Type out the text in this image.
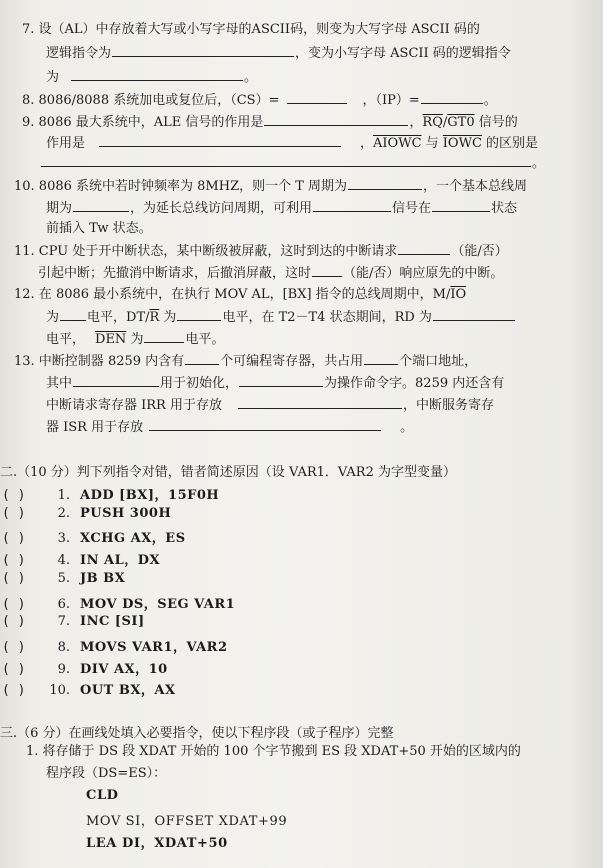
7. 设（AL）中存放着大写或小写字母的ASCII码，则变为大写字母 ASCII 码的
逻辑指令为	，变为小写字母 ASCII 码的逻辑指令
为	。
8. 8086/8088 系统加电或复位后，（CS）=	，（IP）=	。
9. 8086 最大系统中，ALE 信号的作用是	，$\overline{RQ}/GT0$ 信号的
作用是	，AIOWC 与 IOWC 的区别是
。
10. 8086 系统中若时钟频率为 8MHZ，则一个 T 周期为	，一个基本总线周
期为	，为延长总线访问周期，可利用	信号在	状态
前插入 Tw 状态。
11. CPU 处于开中断状态，某中断级被屏蔽，这时到达的中断请求	（能/否）
引起中断；先撤消中断请求，后撤消屏蔽，这时 （能/否）响应原先的中断。
12. 在 8086 最小系统中，在执行 MOV AL，[BX] 指令的总线周期中，$M/\overline{IO}$
为 电平，$DT/\overline{R}$ 为	电平，在 T2－T4 状态期间，RD 为
电平， $\overline{DEN}$ 为	电平。
13. 中断控制器 8259 内含有	个可编程寄存器，共占用	个端口地址，
其中	用于初始化，	为操作命令字。8259 内还含有
中断请求寄存器 IRR 用于存放	，中断服务寄存
器 ISR 用于存放	。
二.（10 分）判下列指令对错，错者简述原因（设 VAR1．VAR2 为字型变量）
( ) 1. ADD [BX]，15F0H
( ) 2. PUSH 300H
( ) 3. XCHG AX，ES
( ) 4. IN AL，DX
( ) 5. JB BX
( ) 6. MOV DS，SEG VAR1
( ) 7. INC [SI]
( ) 8. MOVS VAR1，VAR2
( ) 9. DIV AX，10
( ) 10. OUT BX，AX
三.（6 分）在画线处填入必要指令，使以下程序段（或子程序）完整
1. 将存储于 DS 段 XDAT 开始的 100 个字节搬到 ES 段 XDAT+50 开始的区域内的
程序段（DS=ES）：
CLD
MOV SI，OFFSET XDAT+99
LEA DI，XDAT+50
